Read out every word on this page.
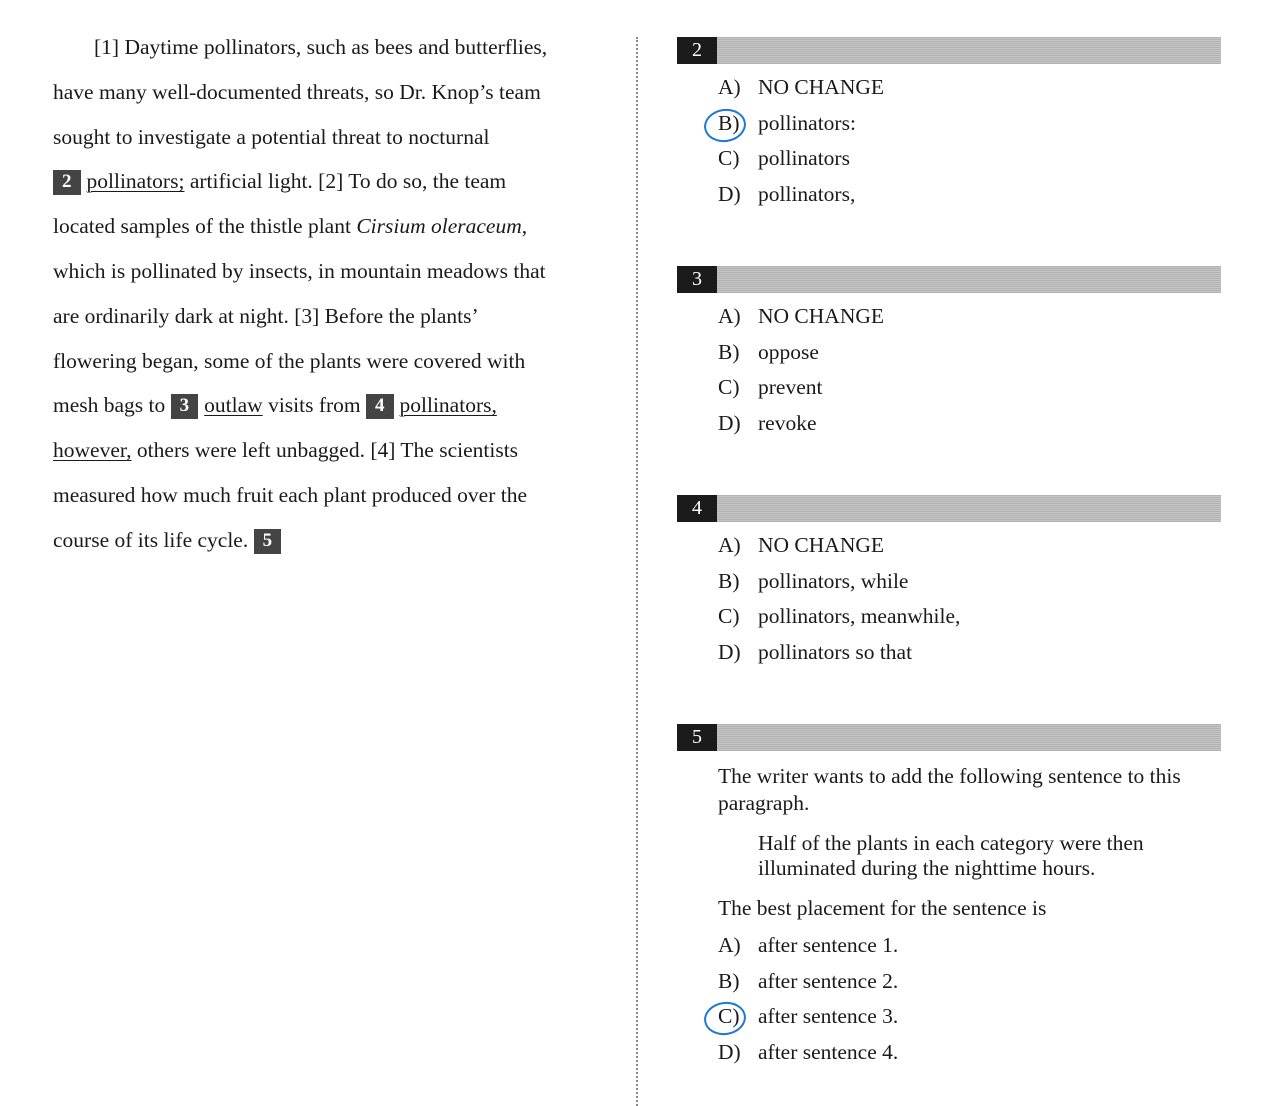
[1] Daytime pollinators, such as bees and butterflies,
have many well-documented threats, so Dr. Knop’s team
sought to investigate a potential threat to nocturnal
2 pollinators; artificial light. [2] To do so, the team
located samples of the thistle plant Cirsium oleraceum,
which is pollinated by insects, in mountain meadows that
are ordinarily dark at night. [3] Before the plants’
flowering began, some of the plants were covered with
mesh bags to 3 outlaw visits from 4 pollinators,
however, others were left unbagged. [4] The scientists
measured how much fruit each plant produced over the
course of its life cycle. 5
2
A) NO CHANGE
B) pollinators:
C) pollinators
D) pollinators,
3
A) NO CHANGE
B) oppose
C) prevent
D) revoke
4
A) NO CHANGE
B) pollinators, while
C) pollinators, meanwhile,
D) pollinators so that
5
The writer wants to add the following sentence to this paragraph.
Half of the plants in each category were then illuminated during the nighttime hours.
The best placement for the sentence is
A) after sentence 1.
B) after sentence 2.
C) after sentence 3.
D) after sentence 4.
